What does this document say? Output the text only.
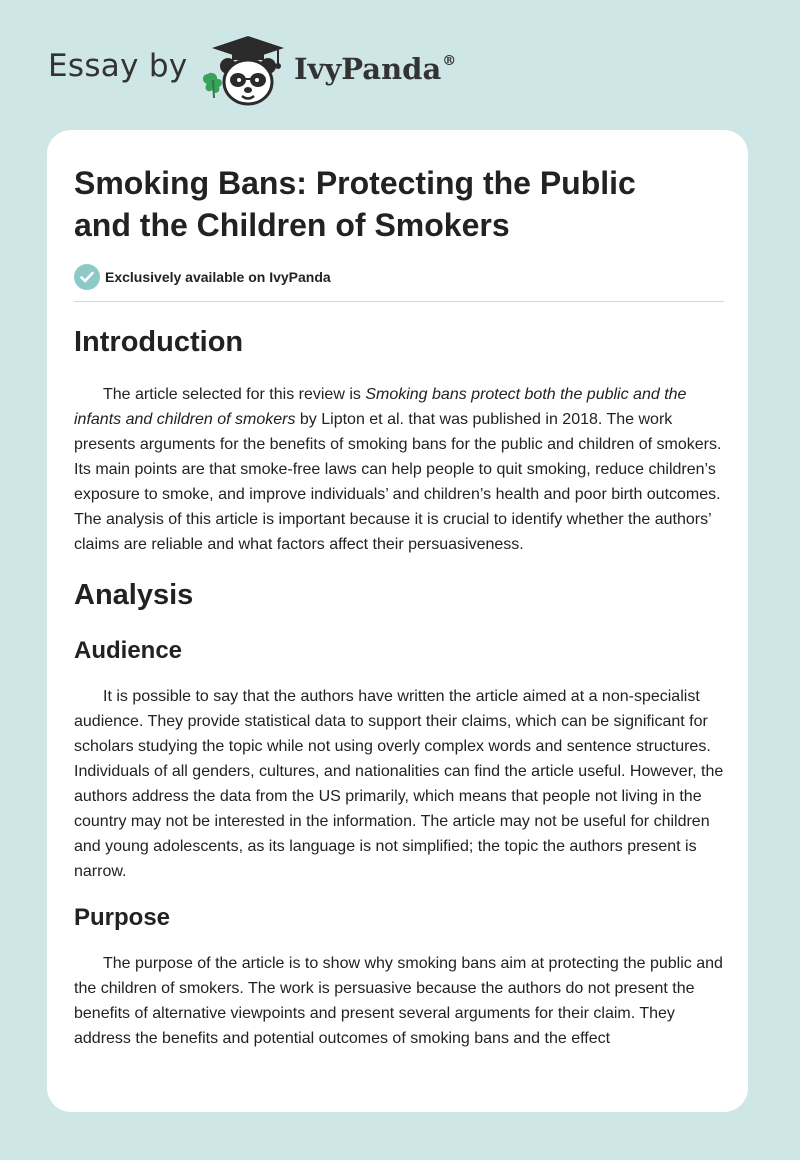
Essay by	IvyPanda®
Smoking Bans: Protecting the Public
and the Children of Smokers
Exclusively available on IvyPanda
Introduction

The article selected for this review is Smoking bans protect both the public and the infants and children of smokers by Lipton et al. that was published in 2018. The work presents arguments for the benefits of smoking bans for the public and children of smokers. Its main points are that smoke-free laws can help people to quit smoking, reduce children’s exposure to smoke, and improve individuals’ and children’s health and poor birth outcomes. The analysis of this article is important because it is crucial to identify whether the authors’ claims are reliable and what factors affect their persuasiveness.

Analysis
Audience

It is possible to say that the authors have written the article aimed at a non-specialist audience. They provide statistical data to support their claims, which can be significant for scholars studying the topic while not using overly complex words and sentence structures. Individuals of all genders, cultures, and nationalities can find the article useful. However, the authors address the data from the US primarily, which means that people not living in the country may not be interested in the information. The article may not be useful for children and young adolescents, as its language is not simplified; the topic the authors present is narrow.

Purpose

The purpose of the article is to show why smoking bans aim at protecting the public and the children of smokers. The work is persuasive because the authors do not present the benefits of alternative viewpoints and present several arguments for their claim. They address the benefits and potential outcomes of smoking bans and the effect
